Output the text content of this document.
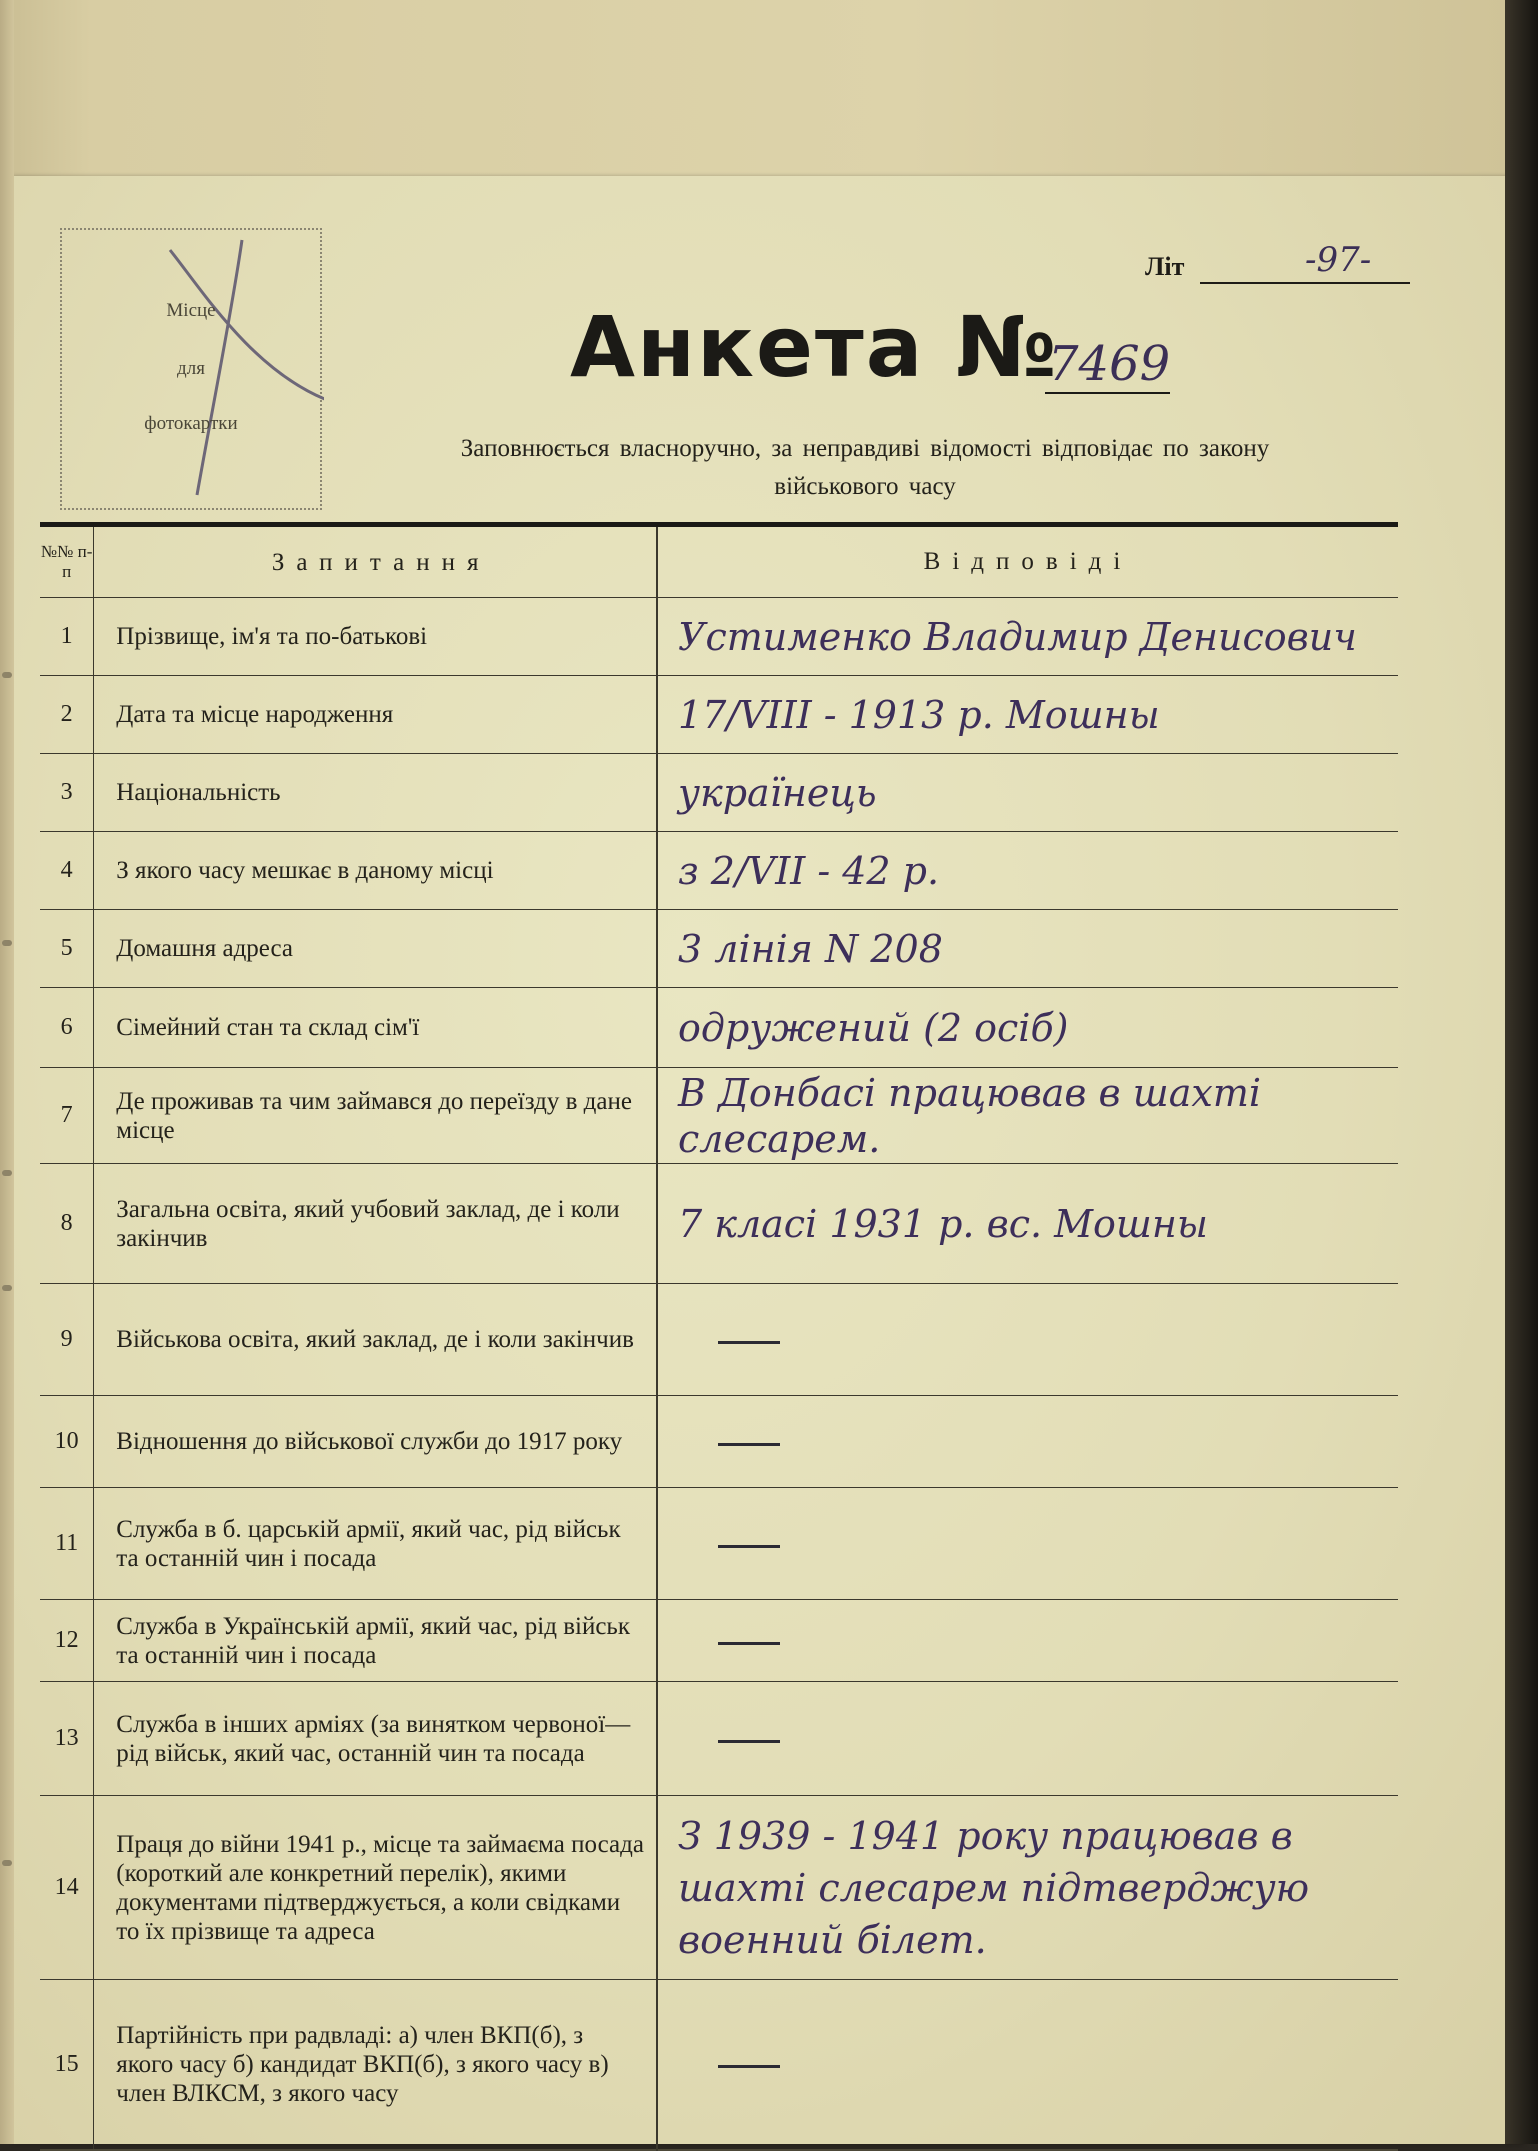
Місце
для
фотокартки
Літ	-97-
Анкета №
7469
Заповнюється власноручно, за неправдиві відомості відповідає по закону
військового часу
№№ п-п	Запитання	Відповіді
1	Прізвище, ім'я та по-батькові	Устименко Владимир Денисович

2	Дата та місце народження	17/VIII - 1913 р. Мошны

3	Національність	українець

4	З якого часу мешкає в даному місці	з 2/VII - 42 р.

5	Домашня адреса	3 лінія N 208

6	Сімейний стан та склад сім'ї	одружений (2 осіб)

7	Де проживав та чим займався до переїзду в дане місце	В Донбасі працював в шахті слесарем.

8	Загальна освіта, який учбовий заклад, де і коли закінчив	7 класі 1931 р. вс. Мошны

9	Військова освіта, який заклад, де і коли закінчив	
10	Відношення до військової служби до 1917 року	
11	Служба в б. царській армії, який час, рід військ та останній чин і посада	
12	Служба в Українській армії, який час, рід військ та останній чин і посада	
13	Служба в інших арміях (за винятком червоної—рід військ, який час, останній чин та посада	
14	Праця до війни 1941 р., місце та займаєма посада (короткий але конкретний перелік), якими документами підтверджується, а коли свідками то їх прізвище та адреса	З 1939 - 1941 року працював в шахті слесарем підтверджую военний білет.

15	Партійність при радвладі: а) член ВКП(б), з якого часу б) кандидат ВКП(б), з якого часу в) член ВЛКСМ, з якого часу	
